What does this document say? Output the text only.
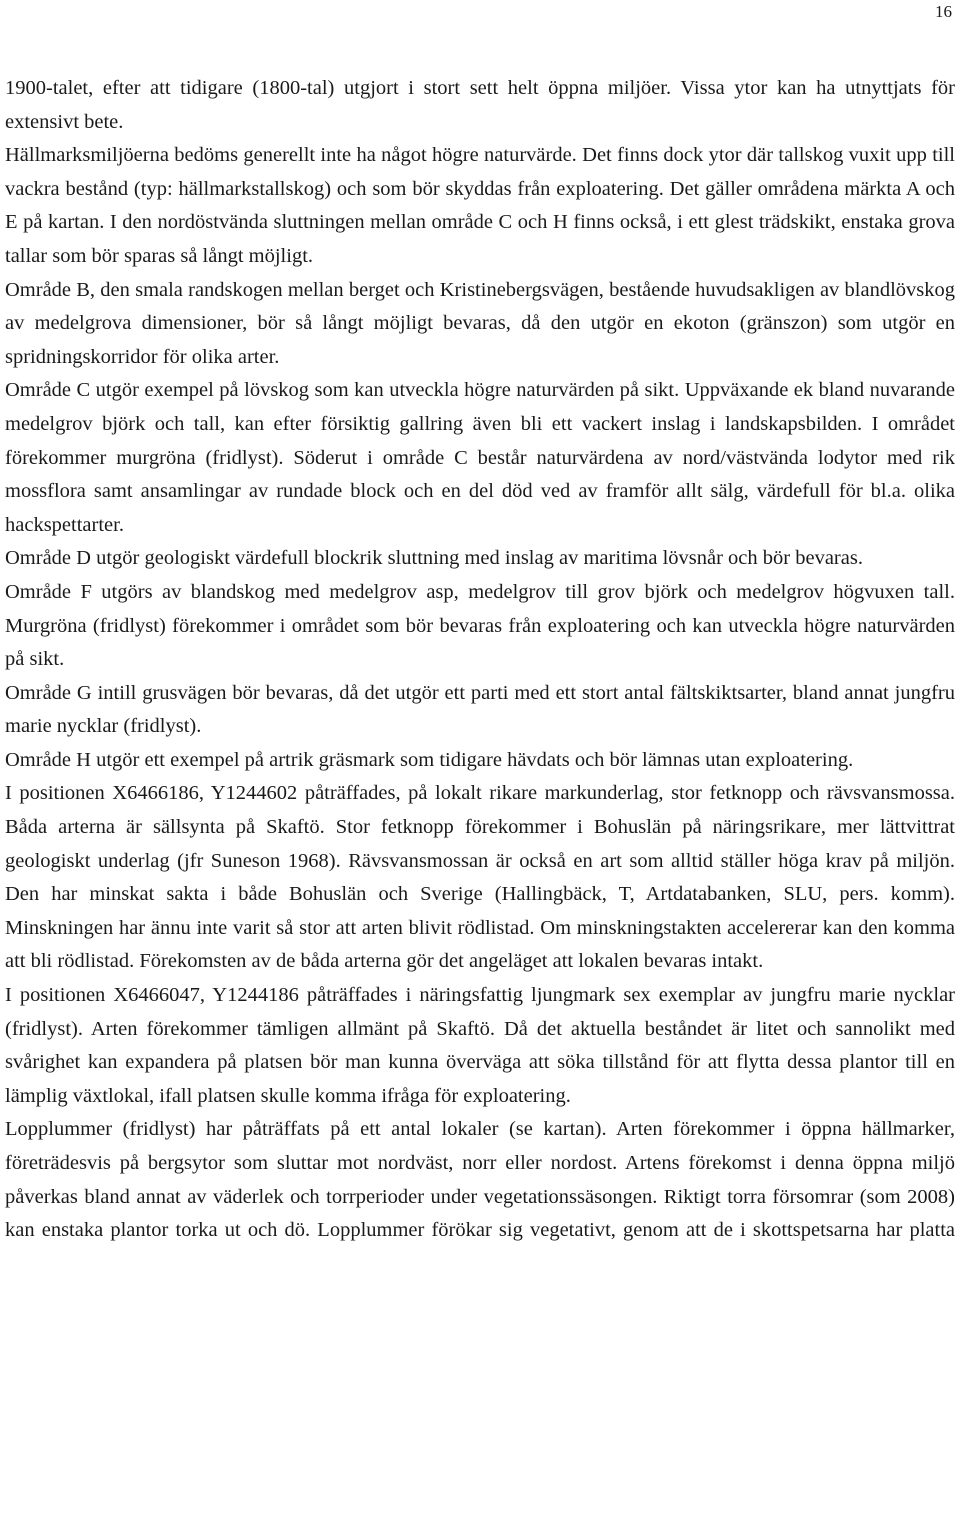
16

1900-talet, efter att tidigare (1800-tal) utgjort i stort sett helt öppna miljöer. Vissa ytor kan ha utnyttjats för extensivt bete.

Hällmarksmiljöerna bedöms generellt inte ha något högre naturvärde. Det finns dock ytor där tallskog vuxit upp till vackra bestånd (typ: hällmarkstallskog) och som bör skyddas från exploatering. Det gäller områdena märkta A och E på kartan. I den nordöstvända sluttningen mellan område C och H finns också, i ett glest trädskikt, enstaka grova tallar som bör sparas så långt möjligt.

Område B, den smala randskogen mellan berget och Kristinebergsvägen, bestående huvudsakligen av blandlövskog av medelgrova dimensioner, bör så långt möjligt bevaras, då den utgör en ekoton (gränszon) som utgör en spridningskorridor för olika arter.

Område C utgör exempel på lövskog som kan utveckla högre naturvärden på sikt. Uppväxande ek bland nuvarande medelgrov björk och tall, kan efter försiktig gallring även bli ett vackert inslag i landskapsbilden. I området förekommer murgröna (fridlyst). Söderut i område C består naturvärdena av nord/västvända lodytor med rik mossflora samt ansamlingar av rundade block och en del död ved av framför allt sälg, värdefull för bl.a. olika hackspettarter.

Område D utgör geologiskt värdefull blockrik sluttning med inslag av maritima lövsnår och bör bevaras.

Område F utgörs av blandskog med medelgrov asp, medelgrov till grov björk och medelgrov högvuxen tall. Murgröna (fridlyst) förekommer i området som bör bevaras från exploatering och kan utveckla högre naturvärden på sikt.

Område G intill grusvägen bör bevaras, då det utgör ett parti med ett stort antal fältskiktsarter, bland annat jungfru marie nycklar (fridlyst).

Område H utgör ett exempel på artrik gräsmark som tidigare hävdats och bör lämnas utan exploatering.

I positionen X6466186, Y1244602 påträffades, på lokalt rikare markunderlag, stor fetknopp och rävsvansmossa. Båda arterna är sällsynta på Skaftö. Stor fetknopp förekommer i Bohuslän på näringsrikare, mer lättvittrat geologiskt underlag (jfr Suneson 1968). Rävsvansmossan är också en art som alltid ställer höga krav på miljön. Den har minskat sakta i både Bohuslän och Sverige (Hallingbäck, T, Artdatabanken, SLU, pers. komm). Minskningen har ännu inte varit så stor att arten blivit rödlistad. Om minskningstakten accelererar kan den komma att bli rödlistad. Förekomsten av de båda arterna gör det angeläget att lokalen bevaras intakt.

I positionen X6466047, Y1244186 påträffades i näringsfattig ljungmark sex exemplar av jungfru marie nycklar (fridlyst). Arten förekommer tämligen allmänt på Skaftö. Då det aktuella beståndet är litet och sannolikt med svårighet kan expandera på platsen bör man kunna överväga att söka tillstånd för att flytta dessa plantor till en lämplig växtlokal, ifall platsen skulle komma ifråga för exploatering.

Lopplummer (fridlyst) har påträffats på ett antal lokaler (se kartan). Arten förekommer i öppna hällmarker, företrädesvis på bergsytor som sluttar mot nordväst, norr eller nordost. Artens förekomst i denna öppna miljö påverkas bland annat av väderlek och torrperioder under vegetationssäsongen. Riktigt torra försomrar (som 2008) kan enstaka plantor torka ut och dö. Lopplummer förökar sig vegetativt, genom att de i skottspetsarna har platta
